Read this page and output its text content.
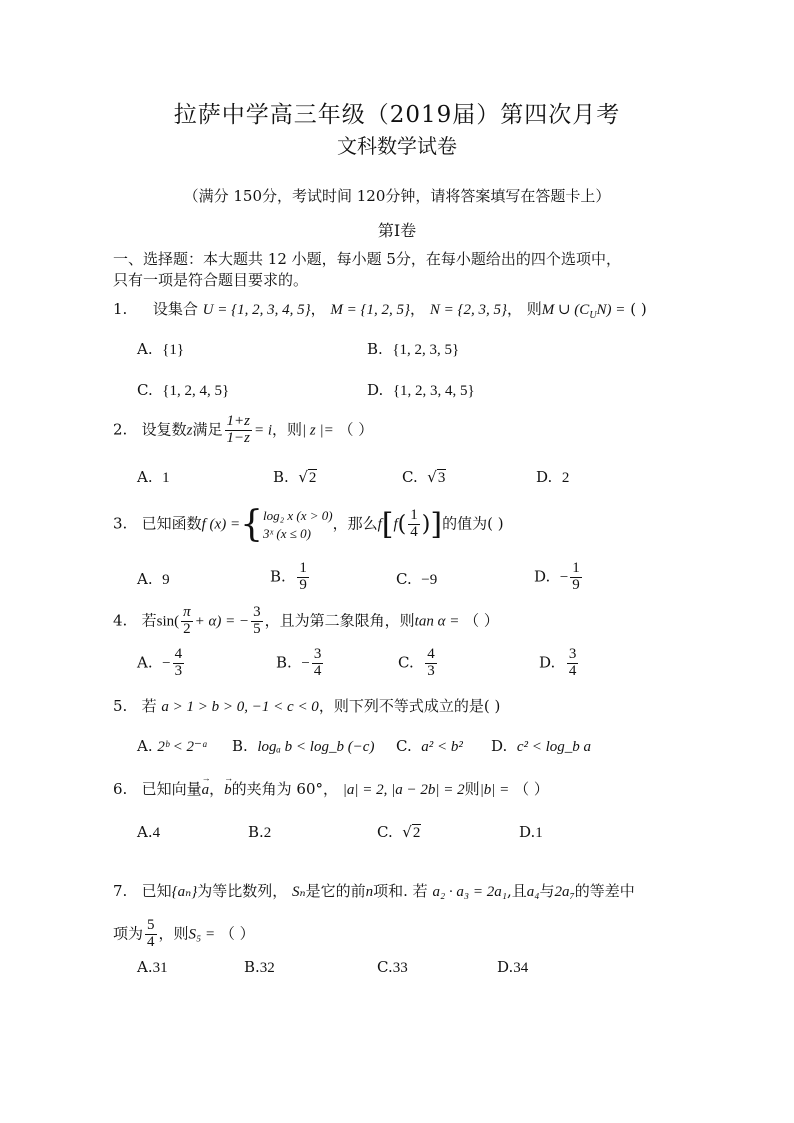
拉萨中学高三年级（2019届）第四次月考
文科数学试卷
（满分 150分，考试时间 120分钟，请将答案填写在答题卡上）
第Ⅰ卷
一、选择题：本大题共 12 小题，每小题 5分，在每小题给出的四个选项中，
只有一项是符合题目要求的。
1. 设集合 U = {1, 2, 3, 4, 5}， M = {1, 2, 5}， N = {2, 3, 5}， 则M ∪ $(C_UN)$ = ( )
A. {1}	B. {1, 2, 3, 5}
C. {1, 2, 4, 5}	D. {1, 2, 3, 4, 5}
2. 设复数z满足 $\frac{1+z}{1-z} = i$，则| z |= （ ）
A. 1	B. √2	C. √3	D. 2
3. 已知函数f (x) ={ log₂ x (x > 0)
3ˣ (x ≤ 0)
，那么$f[f( \frac{1}{4}$ )]的值为( )
A. 9	B. $\frac{1}{9}$	C. −9	D. − $\frac{1}{9}$
4. 若$\sin( \frac{\pi}{2} + \alpha)$ = − $\frac{3}{5}$ ，且为第二象限角，则tan α = （ ）
A. − $\frac{4}{3}$	B. − $\frac{3}{4}$	C. $\frac{4}{3}$	D. $\frac{3}{4}$
5. 若 a > 1 > b > 0, −1 < c < 0，则下列不等式成立的是( )
A. 2ᵇ < 2⁻ᵃ B. logₐ b < log_b (−c) C. a² < b² D. c² < log_b a
6. 已知向量→ a，→ b的夹角为 60°， |a| = 2, |a − 2b| = 2则|b| = （ ）
A.4	B.2	C. √2	D.1
7. 已知{aₙ}为等比数列， Sₙ是它的前n项和. 若 a₂ · a₃ = 2a₁,且a₄与2a₇的等差中
项为 $\frac{5}{4}$ ，则S₅ = （ ）
A.31	B.32	C.33	D.34
